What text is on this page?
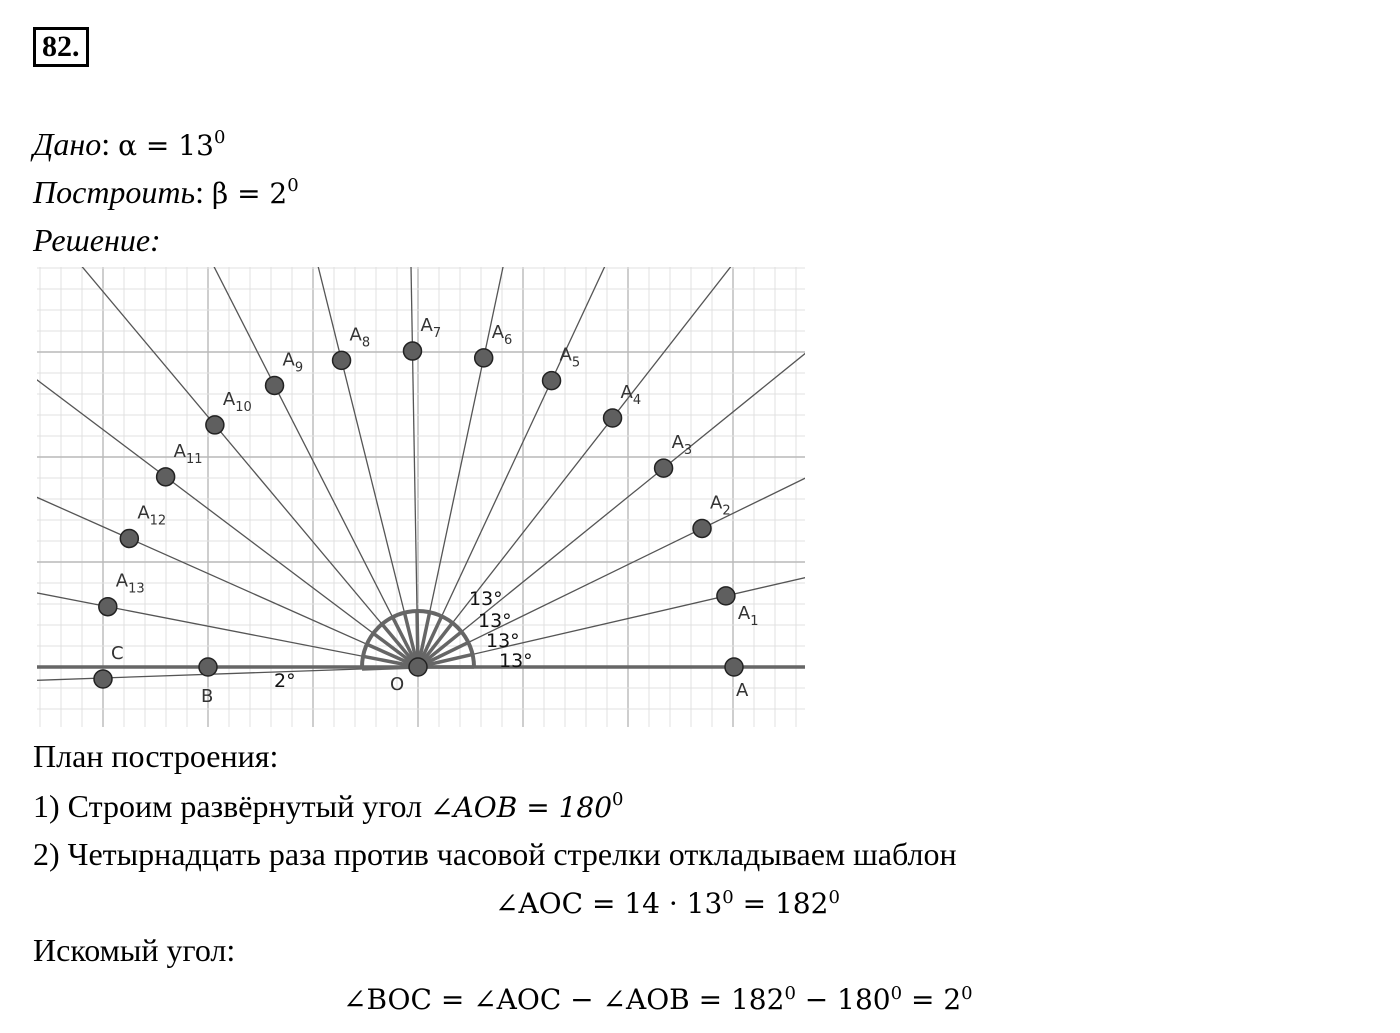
82.
Дано: $\alpha = 13^0$
Построить: $\beta = 2^0$
Решение:
A
$A_1$
$A_2$
$A_3$
$A_4$
$A_5$
$A_6$
$A_7$
$A_8$
$A_9$
$A_{10}$
$A_{11}$
$A_{12}$
$A_{13}$
C
B
O
13°
13°
13°
13°
2°
План построения:
1) Строим развёрнутый угол ∠AOB = $180^0$
2) Четырнадцать раза против часовой стрелки откладываем шаблон
∠AOC = $14 \cdot 13^0 = 182^0$
Искомый угол:
∠BOC = ∠AOC − ∠AOB = $182^0 - 180^0 = 2^0$
